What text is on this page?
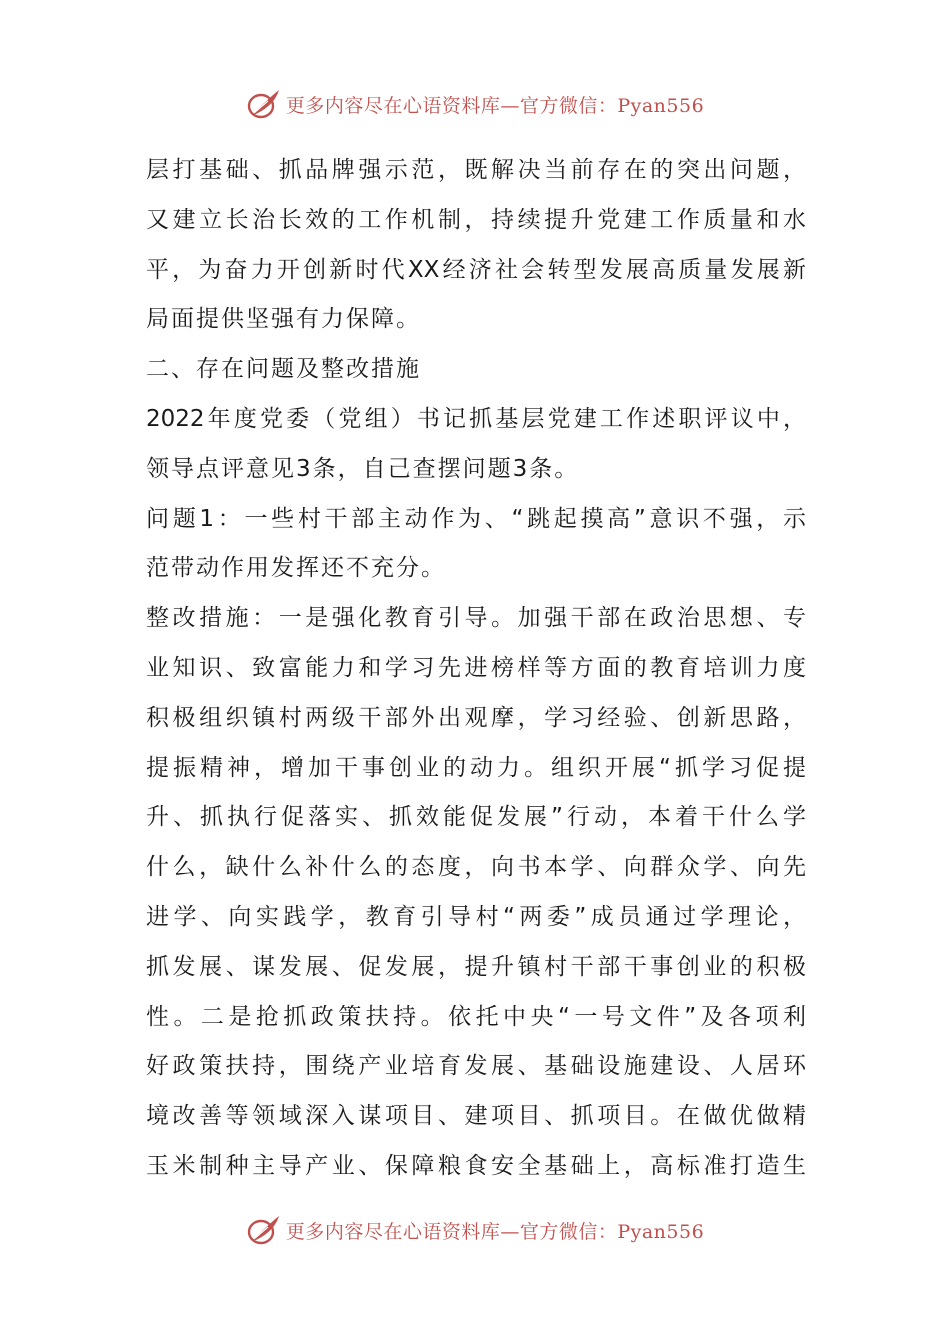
更多内容尽在心语资料库—官方微信：Pyan556
层打基础、抓品牌强示范，既解决当前存在的突出问题，
又建立长治长效的工作机制，持续提升党建工作质量和水
平，为奋力开创新时代XX经济社会转型发展高质量发展新
局面提供坚强有力保障。
二、存在问题及整改措施
2022年度党委（党组）书记抓基层党建工作述职评议中，
领导点评意见3条，自己查摆问题3条。
问题1：一些村干部主动作为、“跳起摸高”意识不强，示
范带动作用发挥还不充分。
整改措施：一是强化教育引导。加强干部在政治思想、专
业知识、致富能力和学习先进榜样等方面的教育培训力度
积极组织镇村两级干部外出观摩，学习经验、创新思路，
提振精神，增加干事创业的动力。组织开展“抓学习促提
升、抓执行促落实、抓效能促发展”行动，本着干什么学
什么，缺什么补什么的态度，向书本学、向群众学、向先
进学、向实践学，教育引导村“两委”成员通过学理论，
抓发展、谋发展、促发展，提升镇村干部干事创业的积极
性。二是抢抓政策扶持。依托中央“一号文件”及各项利
好政策扶持，围绕产业培育发展、基础设施建设、人居环
境改善等领域深入谋项目、建项目、抓项目。在做优做精
玉米制种主导产业、保障粮食安全基础上，高标准打造生
更多内容尽在心语资料库—官方微信：Pyan556
